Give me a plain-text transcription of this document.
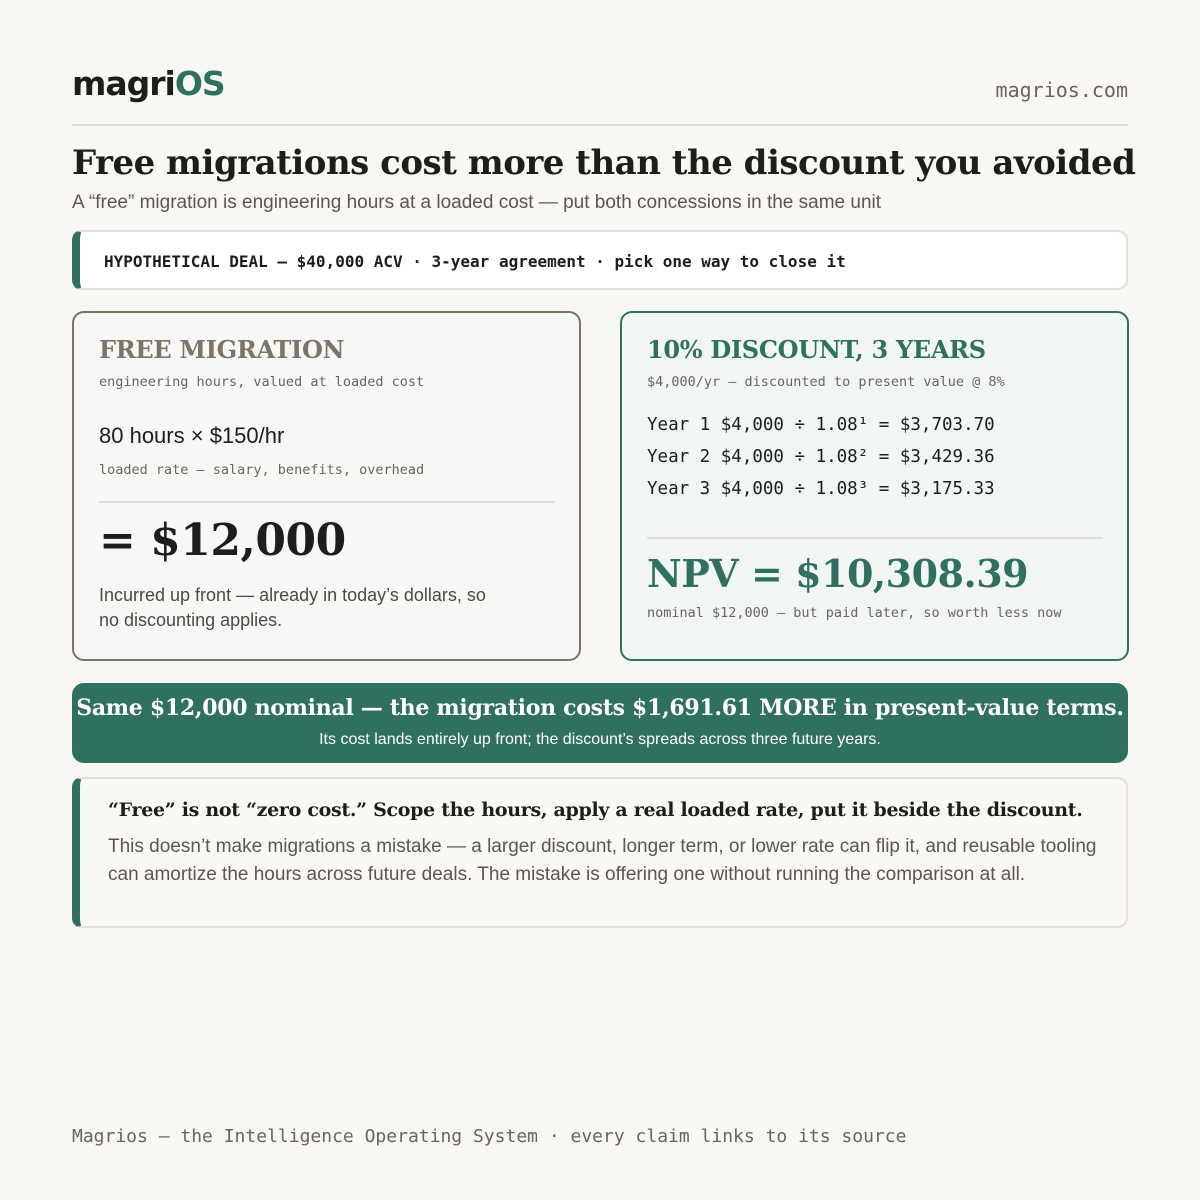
magriOS	magrios.com
Free migrations cost more than the discount you avoided
A “free” migration is engineering hours at a loaded cost — put both concessions in the same unit
HYPOTHETICAL DEAL — $40,000 ACV · 3-year agreement · pick one way to close it
FREE MIGRATION
engineering hours, valued at loaded cost
80 hours × $150/hr
loaded rate — salary, benefits, overhead
= $12,000
Incurred up front — already in today’s dollars, so no discounting applies.
10% DISCOUNT, 3 YEARS
$4,000/yr — discounted to present value @ 8%
Year 1 $4,000 ÷ 1.08¹ = $3,703.70
Year 2 $4,000 ÷ 1.08² = $3,429.36
Year 3 $4,000 ÷ 1.08³ = $3,175.33
NPV = $10,308.39
nominal $12,000 — but paid later, so worth less now
Same $12,000 nominal — the migration costs $1,691.61 MORE in present-value terms.
Its cost lands entirely up front; the discount’s spreads across three future years.
“Free” is not “zero cost.” Scope the hours, apply a real loaded rate, put it beside the discount.
This doesn’t make migrations a mistake — a larger discount, longer term, or lower rate can flip it, and reusable tooling can amortize the hours across future deals. The mistake is offering one without running the comparison at all.
Magrios — the Intelligence Operating System · every claim links to its source
